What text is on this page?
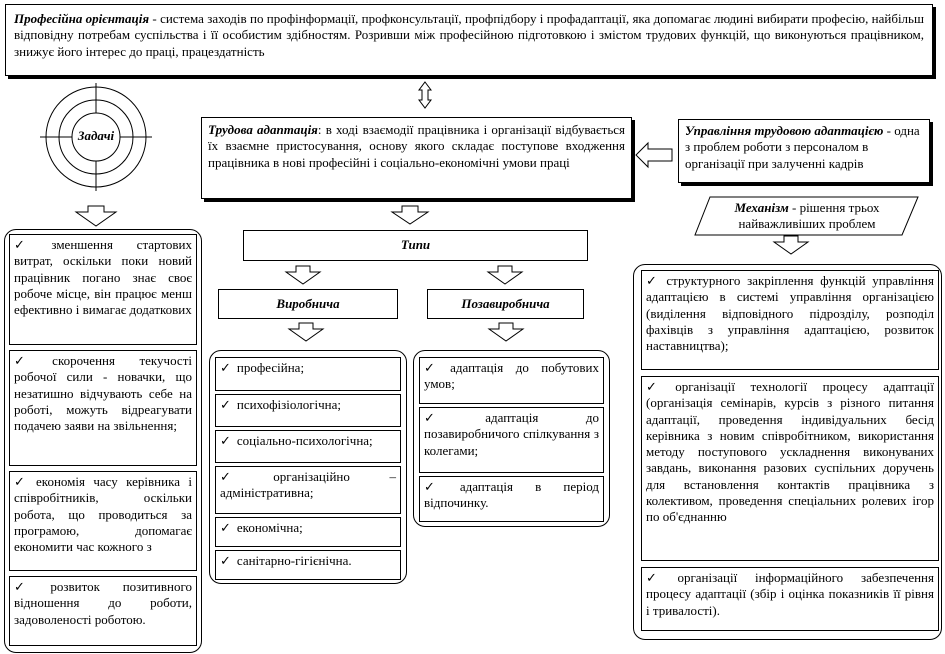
Професійна орієнтація - система заходів по профінформації, профконсультації, профпідбору і профадаптації, яка допомагає людині вибирати професію, найбільш відповідну потребам суспільства і її особистим здібностям. Розривши між професійною підготовкою і змістом трудових функцій, що виконуються працівником, знижує його інтерес до праці, працездатність
Задачі
✓ зменшення стартових витрат, оскільки поки новий працівник погано знає своє робоче місце, він працює менш ефективно і вимагає додаткових
✓ скорочення текучості робочої сили - новачки, що незатишно відчувають себе на роботі, можуть відреагувати подачею заяви на звільнення;
✓ економія часу керівника і співробітників, оскільки робота, що проводиться за програмою, допомагає економити час кожного з
✓ розвиток позитивного відношення до роботи, задоволеності роботою.
Трудова адаптація: в ході взаємодії працівника і організації відбувається їх взаємне пристосування, основу якого складає поступове входження працівника в нові професійні і соціально-економічні умови праці
Управління трудовою адаптацією - одна з проблем роботи з персоналом в організації при залученні кадрів
Механізм - рішення трьох найважливіших проблем
Типи
Виробнича	Позавиробнича
✓ професійна;
✓ психофізіологічна;
✓ соціально-психологічна;
✓ організаційно – адміністративна;
✓ економічна;
✓ санітарно-гігієнічна.
✓ адаптація до побутових умов;
✓ адаптація до позавиробничого спілкування з колегами;
✓ адаптація в період відпочинку.
✓ структурного закріплення функцій управління адаптацією в системі управління організацією (виділення відповідного підрозділу, розподіл фахівців з управління адаптацією, розвиток наставництва);
✓ організації технології процесу адаптації (організація семінарів, курсів з різного питання адаптації, проведення індивідуальних бесід керівника з новим співробітником, використання методу поступового ускладнення виконуваних завдань, виконання разових суспільних доручень для встановлення контактів працівника з колективом, проведення спеціальних ролевих ігор по об'єднанню
✓ організації інформаційного забезпечення процесу адаптації (збір і оцінка показників її рівня і тривалості).
